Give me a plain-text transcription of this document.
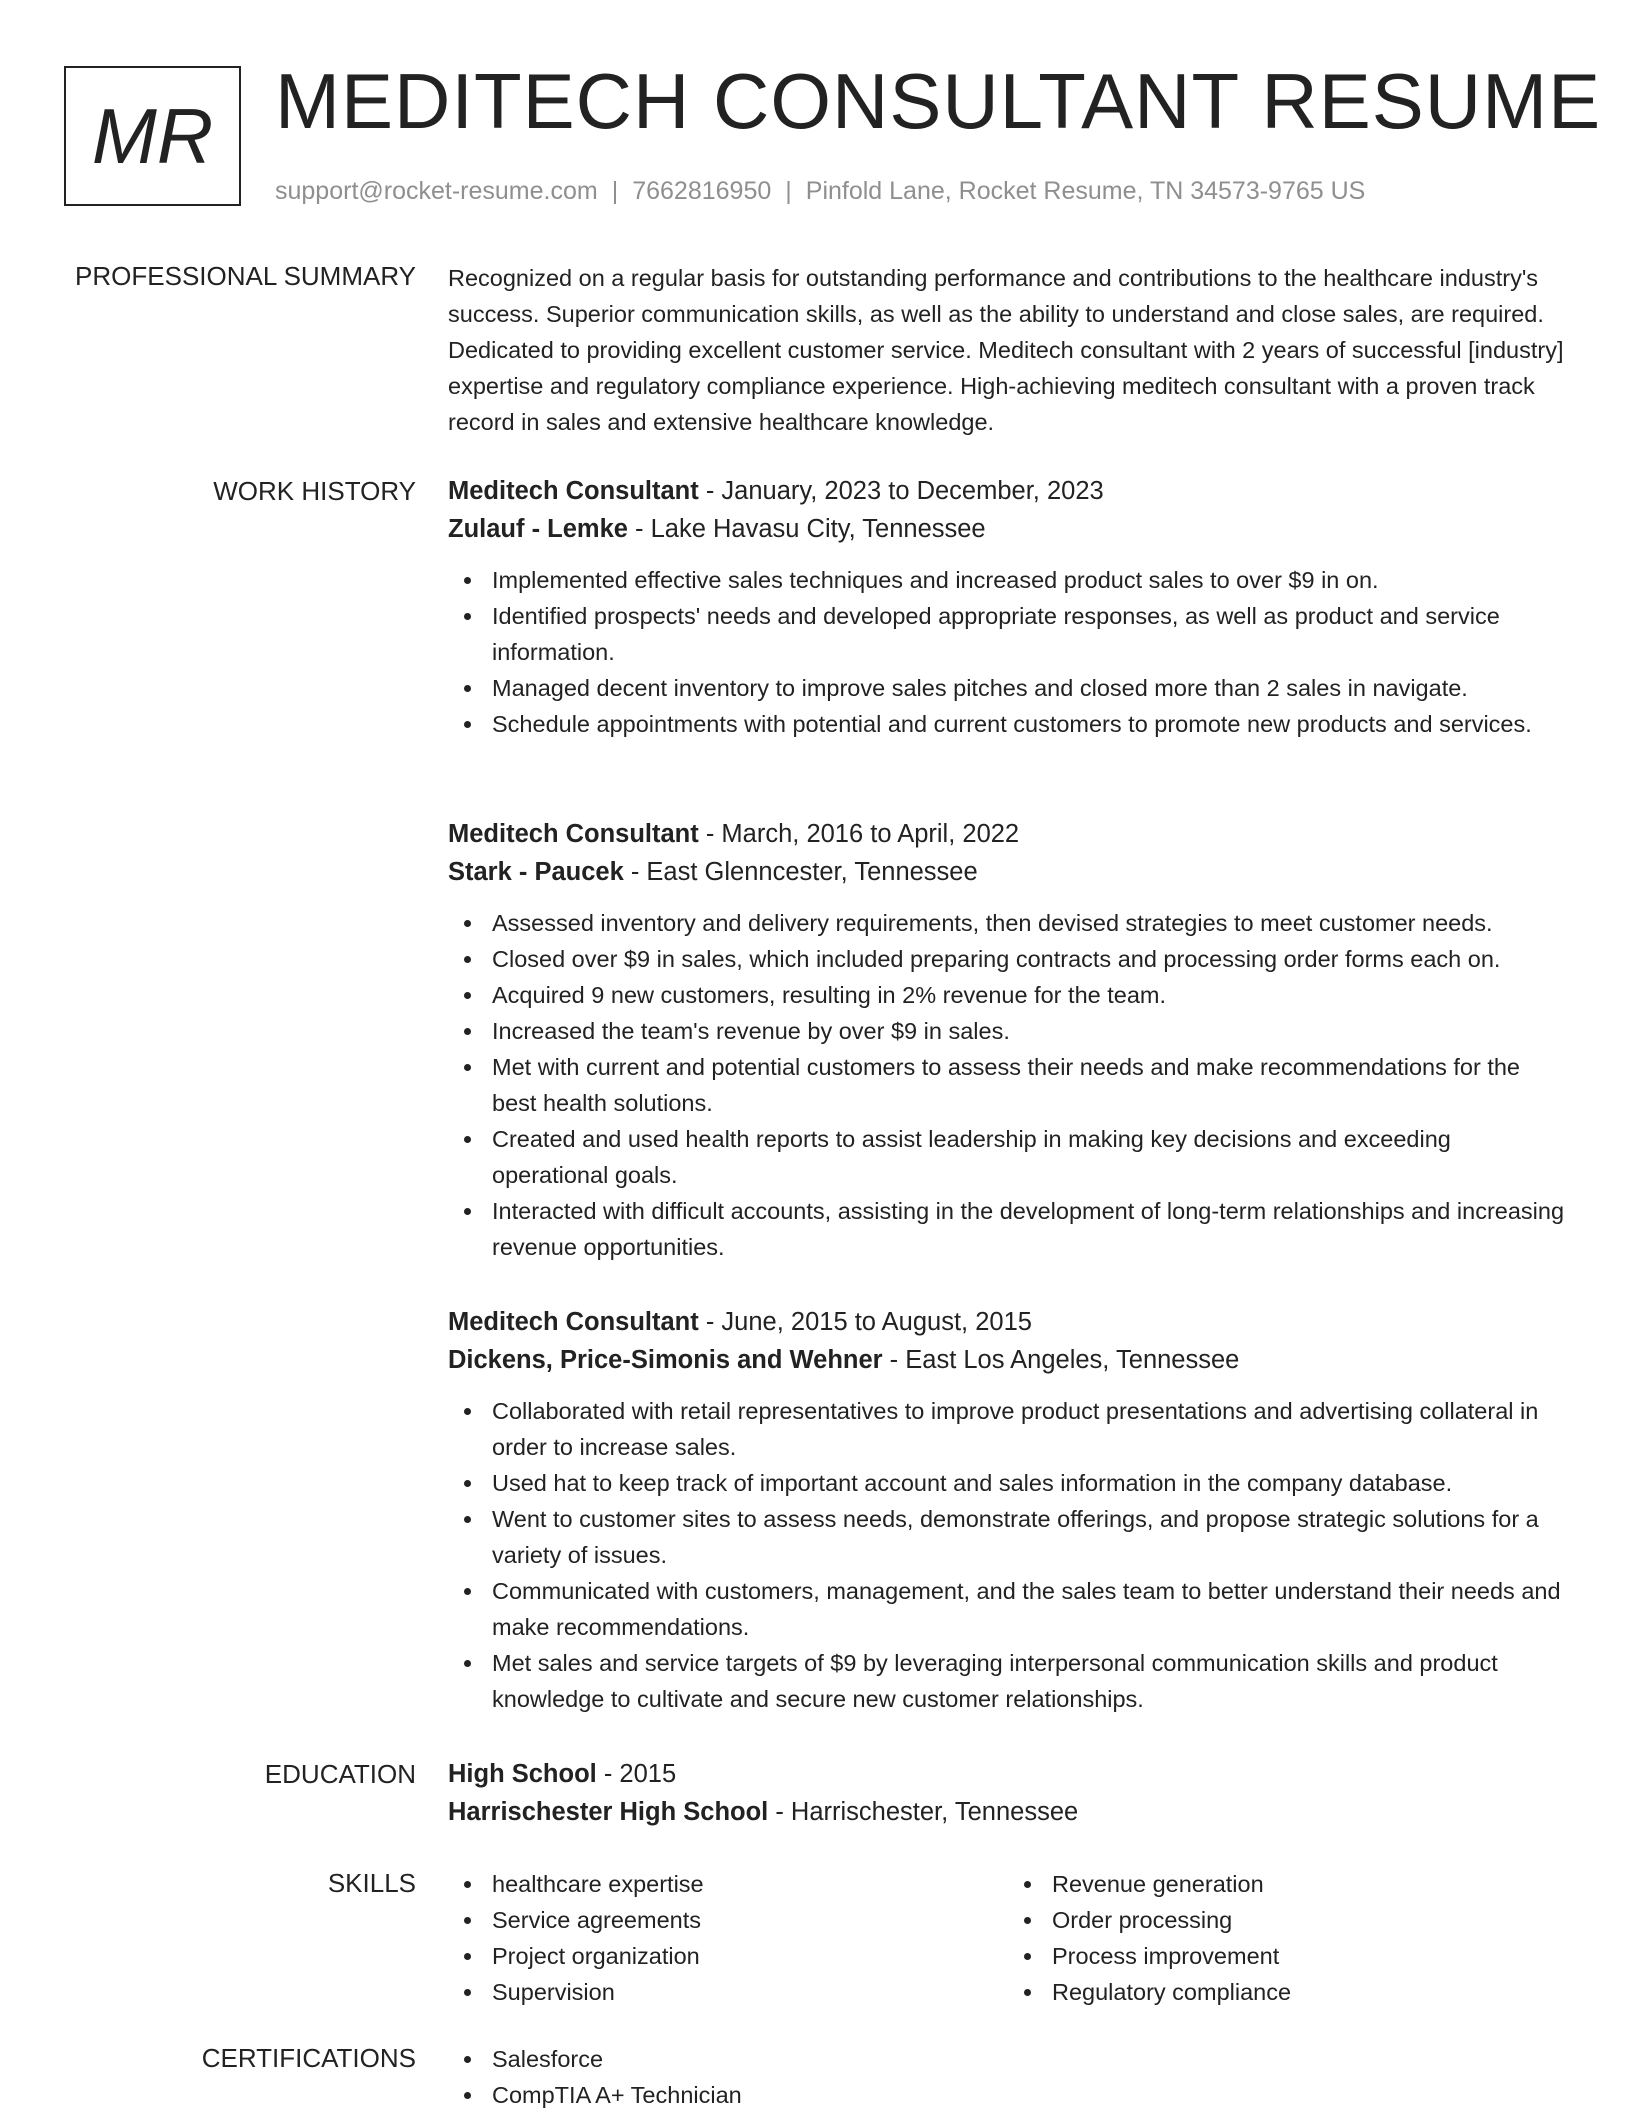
MR MEDITECH CONSULTANT RESUME
support@rocket-resume.com | 7662816950 | Pinfold Lane, Rocket Resume, TN 34573-9765 US
PROFESSIONAL SUMMARY Recognized on a regular basis for outstanding performance and contributions to the healthcare industry's success. Superior communication skills, as well as the ability to understand and close sales, are required. Dedicated to providing excellent customer service. Meditech consultant with 2 years of successful [industry] expertise and regulatory compliance experience. High-achieving meditech consultant with a proven track record in sales and extensive healthcare knowledge.
WORK HISTORY Meditech Consultant - January, 2023 to December, 2023
Zulauf - Lemke - Lake Havasu City, Tennessee
Implemented effective sales techniques and increased product sales to over $9 in on.
Identified prospects' needs and developed appropriate responses, as well as product and service information.
Managed decent inventory to improve sales pitches and closed more than 2 sales in navigate.
Schedule appointments with potential and current customers to promote new products and services.
Meditech Consultant - March, 2016 to April, 2022
Stark - Paucek - East Glenncester, Tennessee
Assessed inventory and delivery requirements, then devised strategies to meet customer needs.
Closed over $9 in sales, which included preparing contracts and processing order forms each on.
Acquired 9 new customers, resulting in 2% revenue for the team.
Increased the team's revenue by over $9 in sales.
Met with current and potential customers to assess their needs and make recommendations for the best health solutions.
Created and used health reports to assist leadership in making key decisions and exceeding operational goals.
Interacted with difficult accounts, assisting in the development of long-term relationships and increasing revenue opportunities.
Meditech Consultant - June, 2015 to August, 2015
Dickens, Price-Simonis and Wehner - East Los Angeles, Tennessee
Collaborated with retail representatives to improve product presentations and advertising collateral in order to increase sales.
Used hat to keep track of important account and sales information in the company database.
Went to customer sites to assess needs, demonstrate offerings, and propose strategic solutions for a variety of issues.
Communicated with customers, management, and the sales team to better understand their needs and make recommendations.
Met sales and service targets of $9 by leveraging interpersonal communication skills and product knowledge to cultivate and secure new customer relationships.
EDUCATION High School - 2015
Harrischester High School - Harrischester, Tennessee
SKILLS	healthcare expertise
Service agreements
Project organization
Supervision
Revenue generation
Order processing
Process improvement
Regulatory compliance
CERTIFICATIONS	Salesforce
CompTIA A+ Technician
